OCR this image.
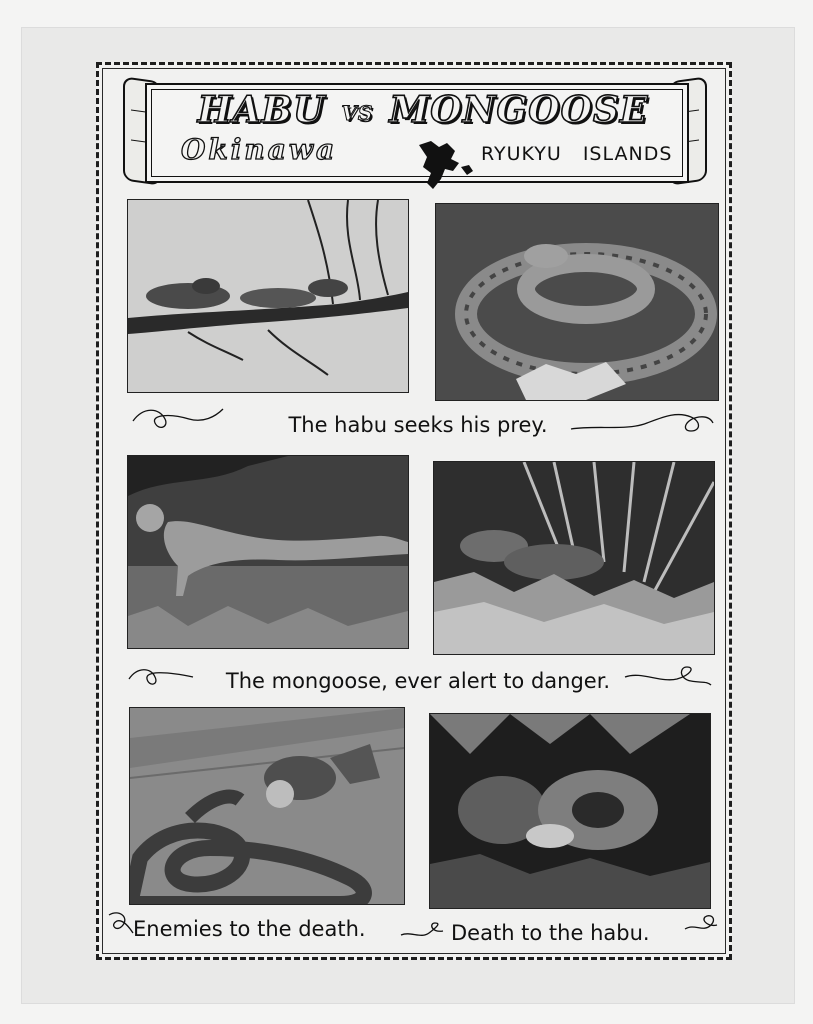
HABU VS MONGOOSE
Okinawa	RYUKYU ISLANDS
The habu seeks his prey.
The mongoose, ever alert to danger.
Enemies to the death.	Death to the habu.
